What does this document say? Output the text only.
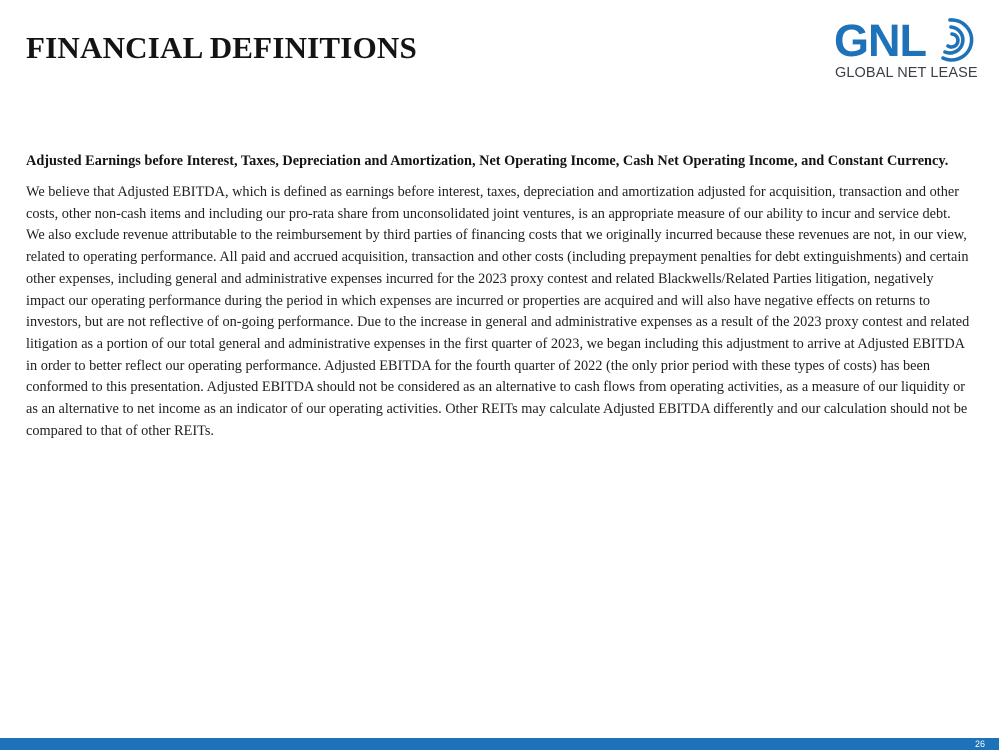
FINANCIAL DEFINITIONS	GNL
GLOBAL NET LEASE

Adjusted Earnings before Interest, Taxes, Depreciation and Amortization, Net Operating Income, Cash Net Operating Income, and Constant Currency.

We believe that Adjusted EBITDA, which is defined as earnings before interest, taxes, depreciation and amortization adjusted for acquisition, transaction and other costs, other non-cash items and including our pro-rata share from unconsolidated joint ventures, is an appropriate measure of our ability to incur and service debt. We also exclude revenue attributable to the reimbursement by third parties of financing costs that we originally incurred because these revenues are not, in our view, related to operating performance. All paid and accrued acquisition, transaction and other costs (including prepayment penalties for debt extinguishments) and certain other expenses, including general and administrative expenses incurred for the 2023 proxy contest and related Blackwells/Related Parties litigation, negatively impact our operating performance during the period in which expenses are incurred or properties are acquired and will also have negative effects on returns to investors, but are not reflective of on-going performance. Due to the increase in general and administrative expenses as a result of the 2023 proxy contest and related litigation as a portion of our total general and administrative expenses in the first quarter of 2023, we began including this adjustment to arrive at Adjusted EBITDA in order to better reflect our operating performance. Adjusted EBITDA for the fourth quarter of 2022 (the only prior period with these types of costs) has been conformed to this presentation. Adjusted EBITDA should not be considered as an alternative to cash flows from operating activities, as a measure of our liquidity or as an alternative to net income as an indicator of our operating activities. Other REITs may calculate Adjusted EBITDA differently and our calculation should not be compared to that of other REITs.

26
